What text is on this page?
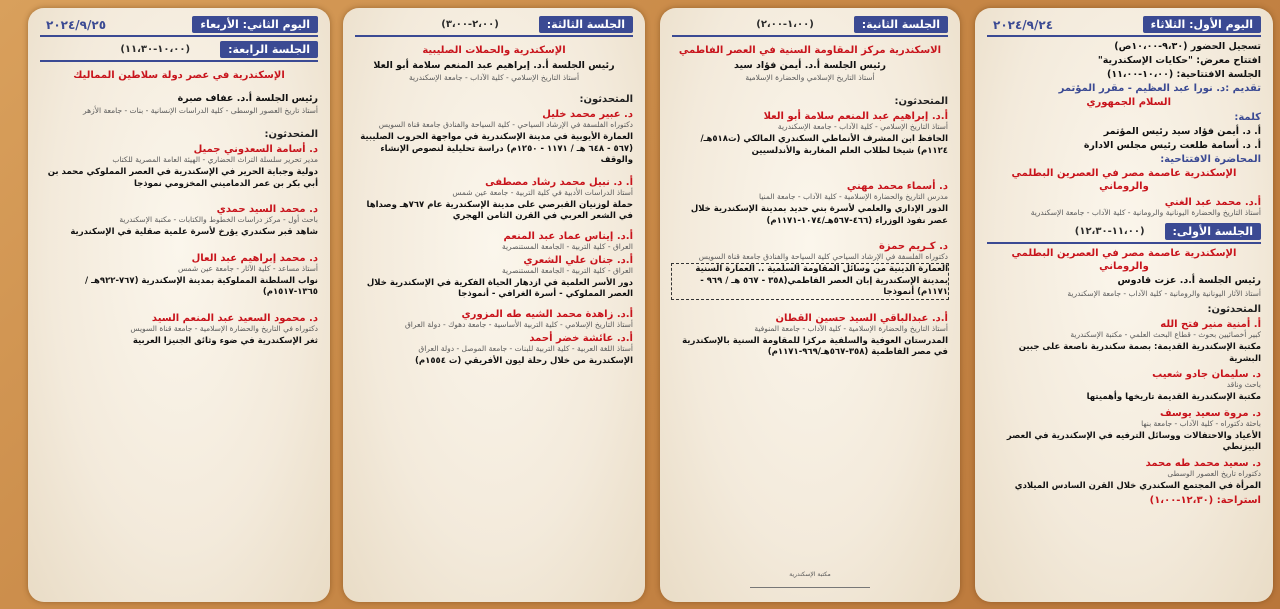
اليوم الأول: الثلاثاء
٢٠٢٤/٩/٢٤
تسجيل الحضور (٩،٣٠-١٠،٠٠ص)
افتتاح معرض: "حكايات الإسكندرية"
الجلسة الافتتاحية: (١٠،٠٠-١١،٠٠)
تقديم :د. نورا عبد العظيم - مقرر المؤتمر
السلام الجمهوري
كلمة:
أ. د. أيمن فؤاد سيد رئيس المؤتمر
أ. د. أسامة طلعت رئيس مجلس الادارة
المحاضرة الافتتاحية:
الإسكندرية عاصمة مصر في العصرين البطلمي والروماني
أ.د. محمد عبد الغني
أستاذ التاريخ والحضارة اليونانية والرومانية - كلية الآداب - جامعة الإسكندرية
الجلسة الأولى:
(١١،٠٠-١٢،٣٠)
الإسكندرية عاصمة مصر في العصرين البطلمي والروماني
رئيس الجلسة أ.د. عزت قادوس
أستاذ الآثار اليونانية والرومانية - كلية الآداب - جامعة الإسكندرية
المتحدثون:
أ. أمنية منير فتح الله
كبير أخصائيين بحوث - قطاع البحث العلمي - مكتبة الإسكندرية
مكتبة الإسكندرية القديمة: بصمة سكندرية ناصعة على جبين البشرية
د. سليمان جادو شعيب
باحث وناقد
مكتبة الإسكندرية القديمة تاريخها وأهميتها
د. مروة سعيد يوسف
باحثة دكتوراه - كلية الآداب - جامعة بنها
الأعياد والاحتفالات ووسائل الترفيه في الإسكندرية في العصر البيزنطي
د. سعيد محمد طه محمد
دكتوراه تاريخ العصور الوسطى
المرأة في المجتمع السكندري خلال القرن السادس الميلادي
استراحة: (١٢،٣٠-١،٠٠)
الجلسة الثانية:
(١،٠٠-٢،٠٠)
الاسكندرية مركز المقاومة السنية في العصر الفاطمي
رئيس الجلسة أ.د. أيمن فؤاد سيد
أستاذ التاريخ الإسلامي والحضارة الإسلامية
المتحدثون:
أ.د. إبراهيم عبد المنعم سلامة أبو العلا
أستاذ التاريخ الإسلامي - كلية الآداب - جامعة الإسكندرية
الحافظ ابن المشرف الأنماطي السكندري المالكي (ت٥١٨هـ/١١٢٤م) شيخا لطلاب العلم المغاربة والأندلسيين
د. أسماء محمد مهني
مدرس التاريخ والحضارة الإسلامية - كلية الآداب - جامعة المنيا
الدور الإداري والعلمي لأسرة بني حديد بمدينة الإسكندرية خلال عصر نفوذ الوزراء (٤٦٦-٥٦٧هـ/١٠٧٤-١١٧١م)
د. كـريم حمزة
دكتوراه الفلسفة في الإرشاد السياحي كلية السياحة والفنادق جامعة قناة السويس
العمارة الدينية من وسائل المقاومة السلمية .. العمارة السنية بمدينة الإسكندرية إبان العصر الفاطمي(٣٥٨ - ٥٦٧ هـ / ٩٦٩ - ١١٧١م) أنموذجا
أ.د. عبدالباقي السيد حسين القطان
أستاذ التاريخ والحضارة الإسلامية - كلية الآداب - جامعة المنوفية
المدرستان العوفية والسلفية مركزا للمقاومة السنية بالإسكندرية في مصر الفاطمية (٣٥٨-٥٦٧هـ/٩٦٩-١١٧١م)
مكتبة الإسكندرية
الجلسة الثالثة:
(٢،٠٠-٣،٠٠)
الإسكندرية والحملات الصليبية
رئيس الجلسة أ.د. إبراهيم عبد المنعم سلامة أبو العلا
أستاذ التاريخ الإسلامي - كلية الآداب - جامعة الإسكندرية
المتحدثون:
د. عبير محمد خليل
دكتوراه الفلسفة في الإرشاد السياحي - كلية السياحة والفنادق جامعة قناة السويس
العمارة الأيوبية في مدينة الإسكندرية في مواجهة الحروب الصليبية (٥٦٧ - ٦٤٨ هـ / ١١٧١ - ١٢٥٠م) دراسة تحليلية لنصوص الإنشاء والوقف
أ. د. نبيل محمد رشاد مصطفى
أستاذ الدراسات الأدبية في كلية التربية - جامعة عين شمس
حملة لوزنيان القبرصي على مدينة الإسكندرية عام ٧٦٧هـ وصداها في الشعر العربي في القرن الثامن الهجري
أ.د. إيناس عماد عبد المنعم
العراق - كلية التربية - الجامعة المستنصرية
أ.د. جنان علي الشعري
العراق - كلية التربية - الجامعة المستنصرية
دور الأسر العلمية في ازدهار الحياة الفكرية في الإسكندرية خلال العصر المملوكي - أسرة الغرافي - أنموذجا
أ.د. زاهدة محمد الشيه طه المزوري
أستاذ التاريخ الإسلامي - كلية التربية الأساسية - جامعة دهوك - دولة العراق
أ.د. عائشة خضر أحمد
أستاذ اللغة العربية - كلية التربية للبنات - جامعة الموصل - دولة العراق
الإسكندرية من خلال رحلة ليون الأفريقي (ت ١٥٥٤م)
اليوم الثاني: الأربعاء
٢٠٢٤/٩/٢٥
الجلسة الرابعة:
(١٠،٠٠-١١،٣٠)
الإسكندرية في عصر دولة سلاطين المماليك
رئيس الجلسة أ.د. عفاف صبرة
أستاذ تاريخ العصور الوسطى - كلية الدراسات الإنسانية - بنات - جامعة الأزهر
المتحدثون:
د. أسامة السعدوني جميل
مدير تحرير سلسلة التراث الحضاري - الهيئة العامة المصرية للكتاب
دولية وجباية الحرير في الإسكندرية في العصر المملوكي محمد بن أبي بكر بن عمر الدماميني المخزومي نموذجا
د. محمد السيد حمدي
باحث أول - مركز دراسات الخطوط والكتابات - مكتبة الإسكندرية
شاهد قبر سكندري يؤرخ لأسرة علمية صقلية في الإسكندرية
د. محمد إبراهيم عبد العال
أستاذ مساعد - كلية الآثار - جامعة عين شمس
نواب السلطنة المملوكية بمدينة الإسكندرية (٧٦٧-٩٢٢هـ / ١٣٦٥-١٥١٧م)
د. محمود السعيد عبد المنعم السيد
دكتوراه في التاريخ والحضارة الإسلامية - جامعة قناة السويس
ثغر الإسكندرية في ضوء وثائق الجنيزا العربية
